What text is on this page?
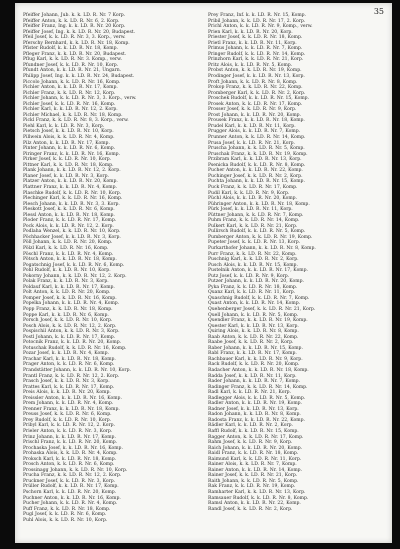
35

Pfeiffer Johann, Jub. k. k. LD. R. Nr. 7 Korp.

Pfeiffer Anton, k. k. LD. R. Nr. 6, 2. Korp.

Pfeiffer Franz, Ing. k. k. LD. R. Nr. 20 Korp.

Pfeiffer Josef, Ing. k. k. LD. R. Nr. 20, Budapest.

Pfeil Josef, k. k. LD. R. Nr. 3, 3. Korp., verw.

Pferschy Bernhard, k. k. LD. R. Nr. 18, Komp.

Pfister Rudolf, k. k. LD. R. Nr. 18, Komp.

Pfleger Franz, k. k. LD. R. Nr. 20, Budapest.

Pflug Karl, k. k. LD. R. Nr. 3. Komp., verw.

Pfundner Josef, k. k. LD. R. Nr. 10, Korp.

Pfundt Anton, k. k. LD. R. Nr. 21, Ungarn.

Philipp Josef, Ing. k. k. LD. R. Nr. 24, Budapest.

Piccolo Johann, k. k. LD. R. Nr. 16, Komp.

Pichler Anton, k. k. LD. R. Nr. 17, Komp.

Pichler Franz, k. k. LD. R. Nr. 12, Korp.

Pichler Johann, k. k. LD. R. Nr. 3, 3. Korp., verw.

Pichler Josef, k. k. LD. R. Nr. 16, Komp.

Pichler Karl, k. k. LD. R. Nr. 12, 2. Korp.

Pichler Michael, k. k. LD. R. Nr. 18, Komp.

Pickl Franz, k. k. LD. R. Nr. 8, 3. Korp., verw.

Piehl Karl, k. k. LD. R. Nr. 3, Korp.

Pietsch Josef, k. k. LD. R. Nr. 10, Korp.

Pillwein Alois, k. k. LD. R. Nr. 4, Komp.

Pilz Anton, k. k. LD. R. Nr. 17, Komp.

Pinter Johann, k. k. LD. R. Nr. 6, Komp.

Piringer Franz, k. k. LD. R. Nr. 16, Komp.

Pirker Josef, k. k. LD. R. Nr. 10, Korp.

Pittner Karl, k. k. LD. R. Nr. 18, Komp.

Plank Johann, k. k. LD. R. Nr. 12, 2. Korp.

Planer Josef, k. k. LD. R. Nr. 3, Korp.

Platzer Anton, k. k. LD. R. Nr. 20, Komp.

Plattner Franz, k. k. LD. R. Nr. 4, Komp.

Plaschke Rudolf, k. k. LD. R. Nr. 10, Korp.

Plechinger Karl, k. k. LD. R. Nr. 16, Komp.

Plesch Johann, k. k. LD. R. Nr. 3, 3. Korp.

Pleskott Josef, k. k. LD. R. Nr. 6, Komp.

Plessl Anton, k. k. LD. R. Nr. 18, Komp.

Ploder Franz, k. k. LD. R. Nr. 17, Komp.

Pock Alois, k. k. LD. R. Nr. 12, 2. Korp.

Podlaha Wenzel, k. k. LD. R. Nr. 10, Korp.

Pöchhacker Josef, k. k. LD. R. Nr. 3, Korp.

Pöll Johann, k. k. LD. R. Nr. 20, Komp.

Pölzl Karl, k. k. LD. R. Nr. 16, Komp.

Pöschl Franz, k. k. LD. R. Nr. 4, Komp.

Pötsch Anton, k. k. LD. R. Nr. 18, Komp.

Pogatschnig Josef, k. k. LD. R. Nr. 6, Komp.

Pohl Rudolf, k. k. LD. R. Nr. 10, Korp.

Pokorny Johann, k. k. LD. R. Nr. 12, 2. Korp.

Polak Franz, k. k. LD. R. Nr. 3, Korp.

Poldauf Karl, k. k. LD. R. Nr. 17, Komp.

Polt Anton, k. k. LD. R. Nr. 20, Komp.

Pomper Josef, k. k. LD. R. Nr. 16, Komp.

Popelka Johann, k. k. LD. R. Nr. 4, Komp.

Popp Franz, k. k. LD. R. Nr. 18, Komp.

Poppe Karl, k. k. LD. R. Nr. 6, Komp.

Porsch Josef, k. k. LD. R. Nr. 10, Korp.

Posch Alois, k. k. LD. R. Nr. 12, 2. Korp.

Pospischil Anton, k. k. LD. R. Nr. 3, Korp.

Postl Johann, k. k. LD. R. Nr. 17, Komp.

Potocnik Franz, k. k. LD. R. Nr. 20, Komp.

Potuschak Rudolf, k. k. LD. R. Nr. 16, Komp.

Pozar Josef, k. k. LD. R. Nr. 4, Komp.

Prachar Karl, k. k. LD. R. Nr. 18, Komp.

Prager Anton, k. k. LD. R. Nr. 6, Komp.

Prandstätter Johann, k. k. LD. R. Nr. 10, Korp.

Prantl Franz, k. k. LD. R. Nr. 12, 2. Korp.

Prasch Josef, k. k. LD. R. Nr. 3, Korp.

Prattes Karl, k. k. LD. R. Nr. 17, Komp.

Preis Alois, k. k. LD. R. Nr. 20, Komp.

Preissler Anton, k. k. LD. R. Nr. 16, Komp.

Prem Johann, k. k. LD. R. Nr. 4, Komp.

Prenner Franz, k. k. LD. R. Nr. 18, Komp.

Preuss Josef, k. k. LD. R. Nr. 6, Komp.

Prey Rudolf, k. k. LD. R. Nr. 10, Korp.

Pribyl Karl, k. k. LD. R. Nr. 12, 2. Korp.

Prieler Anton, k. k. LD. R. Nr. 3, Korp.

Prinz Johann, k. k. LD. R. Nr. 17, Komp.

Prischl Franz, k. k. LD. R. Nr. 20, Komp.

Prochaska Josef, k. k. LD. R. Nr. 16, Komp.

Prohaska Alois, k. k. LD. R. Nr. 4, Komp.

Proksch Karl, k. k. LD. R. Nr. 18, Komp.

Prosch Anton, k. k. LD. R. Nr. 6, Komp.

Prossinagg Johann, k. k. LD. R. Nr. 10, Korp.

Prucha Franz, k. k. LD. R. Nr. 12, 2. Korp.

Pruckner Josef, k. k. LD. R. Nr. 3, Korp.

Prüller Rudolf, k. k. LD. R. Nr. 17, Komp.

Pschorn Karl, k. k. LD. R. Nr. 20, Komp.

Puchner Anton, k. k. LD. R. Nr. 16, Komp.

Pucher Johann, k. k. LD. R. Nr. 4, Komp.

Puff Franz, k. k. LD. R. Nr. 18, Komp.

Pugl Josef, k. k. LD. R. Nr. 6, Komp.

Puhl Alois, k. k. LD. R. Nr. 10, Korp.

Prey Franz, Inf. k. k. LD. R. Nr. 15, Komp.

Pribil Johann, k. k. LD. R. Nr. 17, 2. Korp.

Prichl Anton, k. k. LD. R. Nr. 9, Komp., verw.

Prien Karl, k. k. LD. R. Nr. 20, Korp.

Priester Josef, k. k. LD. R. Nr. 18, Komp.

Prietl Franz, k. k. LD. R. Nr. 11, Korp.

Primus Johann, k. k. LD. R. Nr. 7, Komp.

Pringer Rudolf, k. k. LD. R. Nr. 14, Komp.

Prinzhorn Karl, k. k. LD. R. Nr. 21, Korp.

Pritz Alois, k. k. LD. R. Nr. 5, Komp.

Probst Anton, k. k. LD. R. Nr. 19, Komp.

Prodinger Josef, k. k. LD. R. Nr. 13, Korp.

Proft Johann, k. k. LD. R. Nr. 8, Komp.

Prokop Franz, k. k. LD. R. Nr. 22, Komp.

Promberger Karl, k. k. LD. R. Nr. 2, Korp.

Proschek Rudolf, k. k. LD. R. Nr. 15, Komp.

Prosek Anton, k. k. LD. R. Nr. 17, Komp.

Prosser Josef, k. k. LD. R. Nr. 9, Korp.

Prost Johann, k. k. LD. R. Nr. 20, Komp.

Prousek Franz, k. k. LD. R. Nr. 18, Komp.

Prudel Karl, k. k. LD. R. Nr. 11, Korp.

Prugger Alois, k. k. LD. R. Nr. 7, Komp.

Prunner Anton, k. k. LD. R. Nr. 14, Komp.

Prusa Josef, k. k. LD. R. Nr. 21, Korp.

Pruscha Johann, k. k. LD. R. Nr. 5, Komp.

Pruschak Franz, k. k. LD. R. Nr. 19, Komp.

Przibram Karl, k. k. LD. R. Nr. 13, Korp.

Psenicka Rudolf, k. k. LD. R. Nr. 8, Komp.

Pucher Anton, k. k. LD. R. Nr. 22, Komp.

Puchinger Josef, k. k. LD. R. Nr. 2, Korp.

Puchta Johann, k. k. LD. R. Nr. 15, Komp.

Puck Franz, k. k. LD. R. Nr. 17, Komp.

Pudil Karl, k. k. LD. R. Nr. 9, Korp.

Püchl Alois, k. k. LD. R. Nr. 20, Komp.

Pühringer Anton, k. k. LD. R. Nr. 18, Komp.

Pürk Josef, k. k. LD. R. Nr. 11, Korp.

Püttner Johann, k. k. LD. R. Nr. 7, Komp.

Puhm Franz, k. k. LD. R. Nr. 14, Komp.

Pulkert Karl, k. k. LD. R. Nr. 21, Korp.

Pullirsch Rudolf, k. k. LD. R. Nr. 5, Komp.

Pumberger Anton, k. k. LD. R. Nr. 19, Komp.

Pupeter Josef, k. k. LD. R. Nr. 13, Korp.

Purkarthofer Johann, k. k. LD. R. Nr. 8, Komp.

Purr Franz, k. k. LD. R. Nr. 22, Komp.

Puschnig Karl, k. k. LD. R. Nr. 2, Korp.

Pusch Alois, k. k. LD. R. Nr. 15, Komp.

Pustelnik Anton, k. k. LD. R. Nr. 17, Komp.

Putz Josef, k. k. LD. R. Nr. 9, Korp.

Putzer Johann, k. k. LD. R. Nr. 20, Komp.

Pyka Franz, k. k. LD. R. Nr. 18, Komp.

Quanz Karl, k. k. LD. R. Nr. 11, Korp.

Quaschnig Rudolf, k. k. LD. R. Nr. 7, Komp.

Quast Anton, k. k. LD. R. Nr. 14, Komp.

Quehenberger Josef, k. k. LD. R. Nr. 21, Korp.

Quell Johann, k. k. LD. R. Nr. 5, Komp.

Quendler Franz, k. k. LD. R. Nr. 19, Komp.

Quester Karl, k. k. LD. R. Nr. 13, Korp.

Quiring Alois, k. k. LD. R. Nr. 8, Komp.

Raab Anton, k. k. LD. R. Nr. 22, Komp.

Raabe Josef, k. k. LD. R. Nr. 2, Korp.

Raber Johann, k. k. LD. R. Nr. 15, Komp.

Rabl Franz, k. k. LD. R. Nr. 17, Komp.

Rachbauer Karl, k. k. LD. R. Nr. 9, Korp.

Rack Rudolf, k. k. LD. R. Nr. 20, Komp.

Radacher Anton, k. k. LD. R. Nr. 18, Komp.

Radda Josef, k. k. LD. R. Nr. 11, Korp.

Rader Johann, k. k. LD. R. Nr. 7, Komp.

Radinger Franz, k. k. LD. R. Nr. 14, Komp.

Radl Karl, k. k. LD. R. Nr. 21, Korp.

Radlegger Alois, k. k. LD. R. Nr. 5, Komp.

Radler Anton, k. k. LD. R. Nr. 19, Komp.

Radner Josef, k. k. LD. R. Nr. 13, Korp.

Radon Johann, k. k. LD. R. Nr. 8, Komp.

Radosta Franz, k. k. LD. R. Nr. 22, Komp.

Rädler Karl, k. k. LD. R. Nr. 2, Korp.

Raffl Rudolf, k. k. LD. R. Nr. 15, Komp.

Ragger Anton, k. k. LD. R. Nr. 17, Komp.

Rahm Josef, k. k. LD. R. Nr. 9, Korp.

Raich Johann, k. k. LD. R. Nr. 20, Komp.

Raidl Franz, k. k. LD. R. Nr. 18, Komp.

Raimund Karl, k. k. LD. R. Nr. 11, Korp.

Rainer Alois, k. k. LD. R. Nr. 7, Komp.

Rainer Anton, k. k. LD. R. Nr. 14, Komp.

Rainer Josef, k. k. LD. R. Nr. 21, Korp.

Raith Johann, k. k. LD. R. Nr. 5, Komp.

Rak Franz, k. k. LD. R. Nr. 19, Komp.

Ramharter Karl, k. k. LD. R. Nr. 13, Korp.

Ramsauer Rudolf, k. k. LD. R. Nr. 8, Komp.

Ramsl Anton, k. k. LD. R. Nr. 22, Komp.

Randl Josef, k. k. LD. R. Nr. 2, Korp.
